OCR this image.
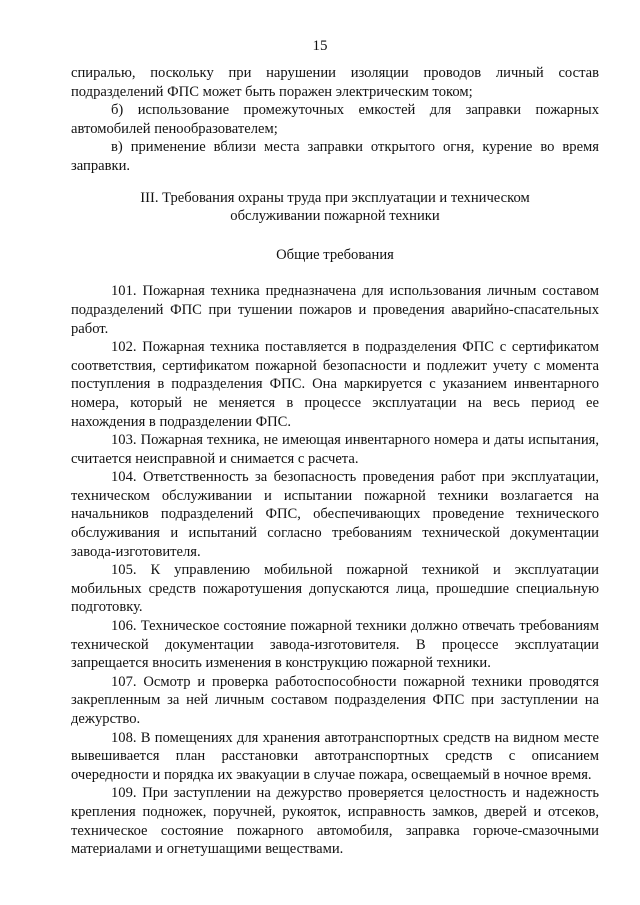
15

спиралью, поскольку при нарушении изоляции проводов личный состав подразделений ФПС может быть поражен электрическим током;

б) использование промежуточных емкостей для заправки пожарных автомобилей пенообразователем;

в) применение вблизи места заправки открытого огня, курение во время заправки.

III. Требования охраны труда при эксплуатации и техническом обслуживании пожарной техники

Общие требования

101. Пожарная техника предназначена для использования личным составом подразделений ФПС при тушении пожаров и проведения аварийно-спасательных работ.

102. Пожарная техника поставляется в подразделения ФПС с сертификатом соответствия, сертификатом пожарной безопасности и подлежит учету с момента поступления в подразделения ФПС. Она маркируется с указанием инвентарного номера, который не меняется в процессе эксплуатации на весь период ее нахождения в подразделении ФПС.

103. Пожарная техника, не имеющая инвентарного номера и даты испытания, считается неисправной и снимается с расчета.

104. Ответственность за безопасность проведения работ при эксплуатации, техническом обслуживании и испытании пожарной техники возлагается на начальников подразделений ФПС, обеспечивающих проведение технического обслуживания и испытаний согласно требованиям технической документации завода-изготовителя.

105. К управлению мобильной пожарной техникой и эксплуатации мобильных средств пожаротушения допускаются лица, прошедшие специальную подготовку.

106. Техническое состояние пожарной техники должно отвечать требованиям технической документации завода-изготовителя. В процессе эксплуатации запрещается вносить изменения в конструкцию пожарной техники.

107. Осмотр и проверка работоспособности пожарной техники проводятся закрепленным за ней личным составом подразделения ФПС при заступлении на дежурство.

108. В помещениях для хранения автотранспортных средств на видном месте вывешивается план расстановки автотранспортных средств с описанием очередности и порядка их эвакуации в случае пожара, освещаемый в ночное время.

109. При заступлении на дежурство проверяется целостность и надежность крепления подножек, поручней, рукояток, исправность замков, дверей и отсеков, техническое состояние пожарного автомобиля, заправка горюче-смазочными материалами и огнетушащими веществами.
